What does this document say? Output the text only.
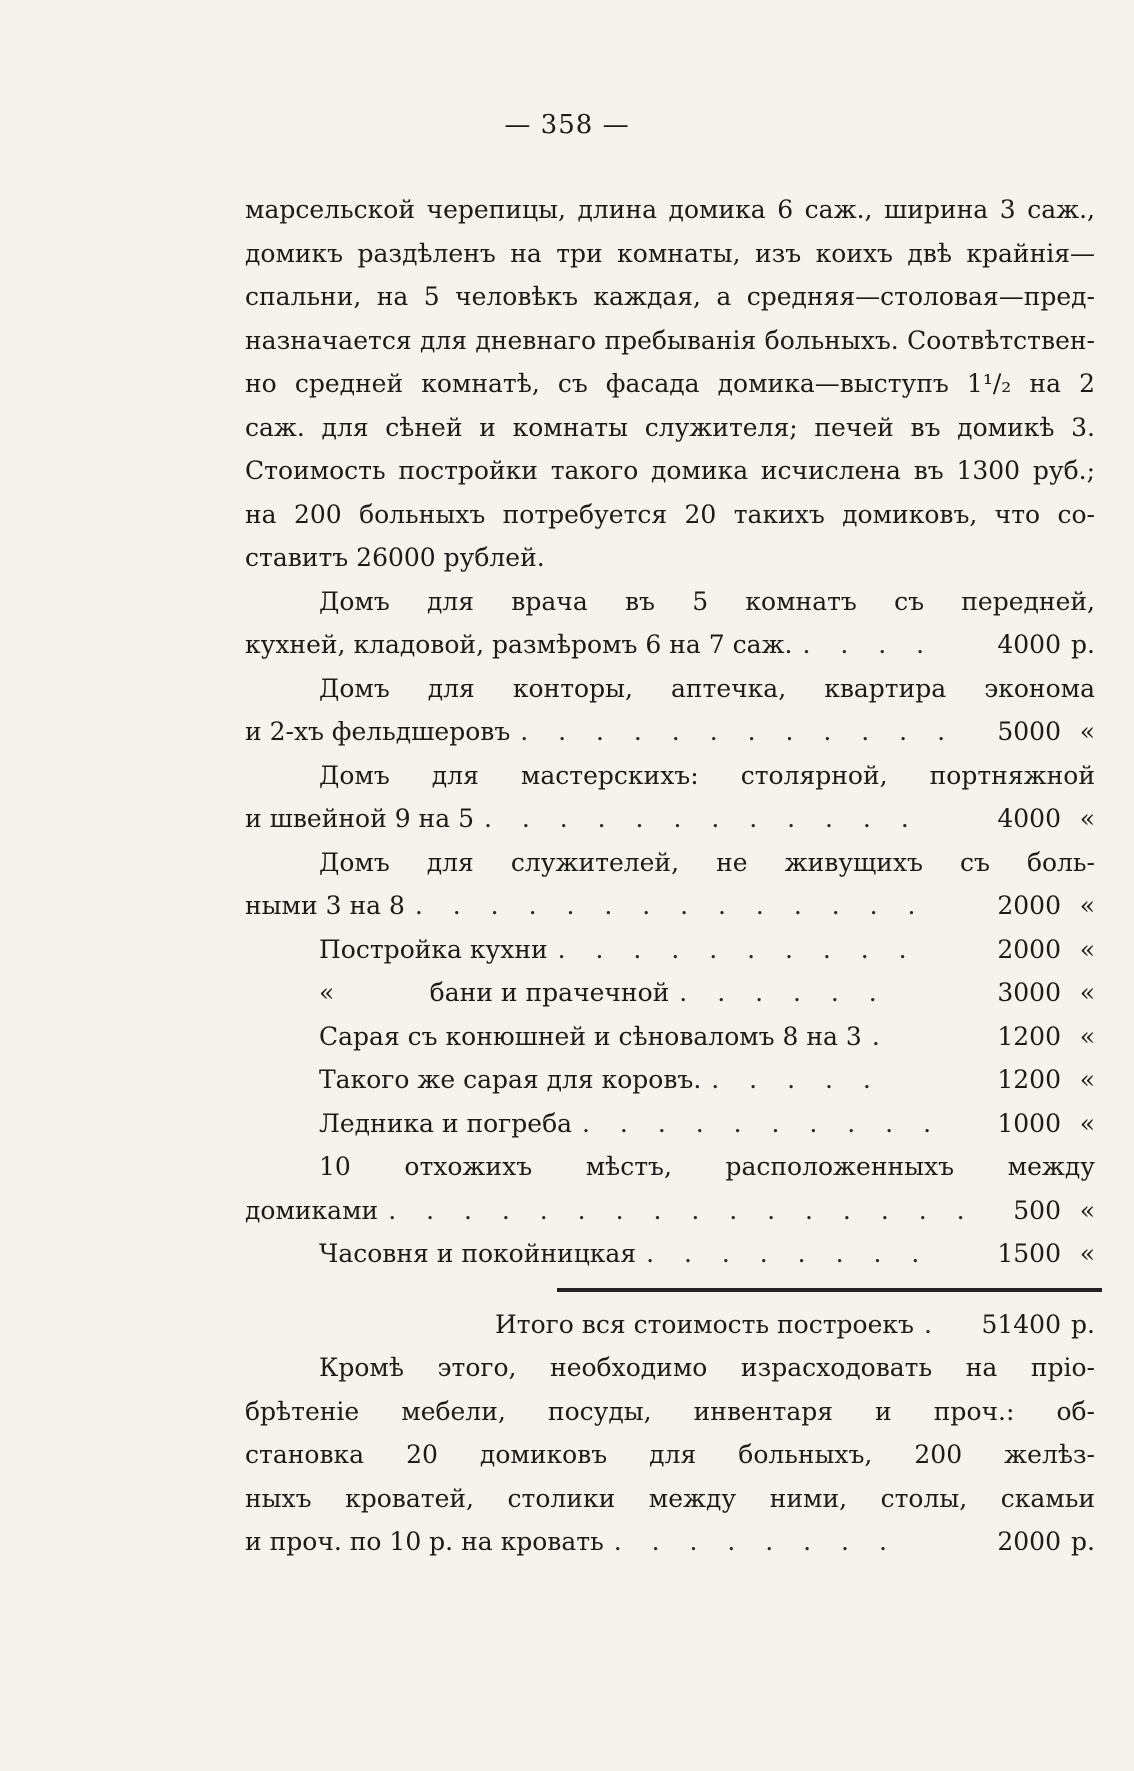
— 358 —
марсельской черепицы, длина домика 6 саж., ширина 3 саж.,
домикъ раздѣленъ на три комнаты, изъ коихъ двѣ крайнія—
спальни, на 5 человѣкъ каждая, а средняя—столовая—пред-
назначается для дневнаго пребыванія больныхъ. Соотвѣтствен-
но средней комнатѣ, съ фасада домика—выступъ 1¹/₂ на 2
саж. для сѣней и комнаты служителя; печей въ домикѣ 3.
Стоимость постройки такого домика исчислена въ 1300 руб.;
на 200 больныхъ потребуется 20 такихъ домиковъ, что со-
ставитъ 26000 рублей.
Домъ для врача въ 5 комнатъ съ передней,
кухней, кладовой, размѣромъ 6 на 7 саж. . . . .	4000 р.
Домъ для конторы, аптечка, квартира эконома
и 2-хъ фельдшеровъ . . . . . . . . . . . .	5000 «
Домъ для мастерскихъ: столярной, портняжной
и швейной 9 на 5 . . . . . . . . . . . .	4000 «
Домъ для служителей, не живущихъ съ боль-
ными 3 на 8 . . . . . . . . . . . . . .	2000 «
Постройка кухни . . . . . . . . . .	2000 «
«            бани и прачечной . . . . . .	3000 «
Сарая съ конюшней и сѣноваломъ 8 на 3 .	1200 «
Такого же сарая для коровъ. . . . . .	1200 «
Ледника и погреба . . . . . . . . . .	1000 «
10 отхожихъ мѣстъ, расположенныхъ между
домиками . . . . . . . . . . . . . . . .	500 «
Часовня и покойницкая . . . . . . . .	1500 «
Итого вся стоимость построекъ .	51400 р.
Кромѣ этого, необходимо израсходовать на прiо-
брѣтенiе мебели, посуды, инвентаря и проч.: об-
становка 20 домиковъ для больныхъ, 200 желѣз-
ныхъ кроватей, столики между ними, столы, скамьи
и проч. по 10 р. на кровать . . . . . . . .	2000 р.
